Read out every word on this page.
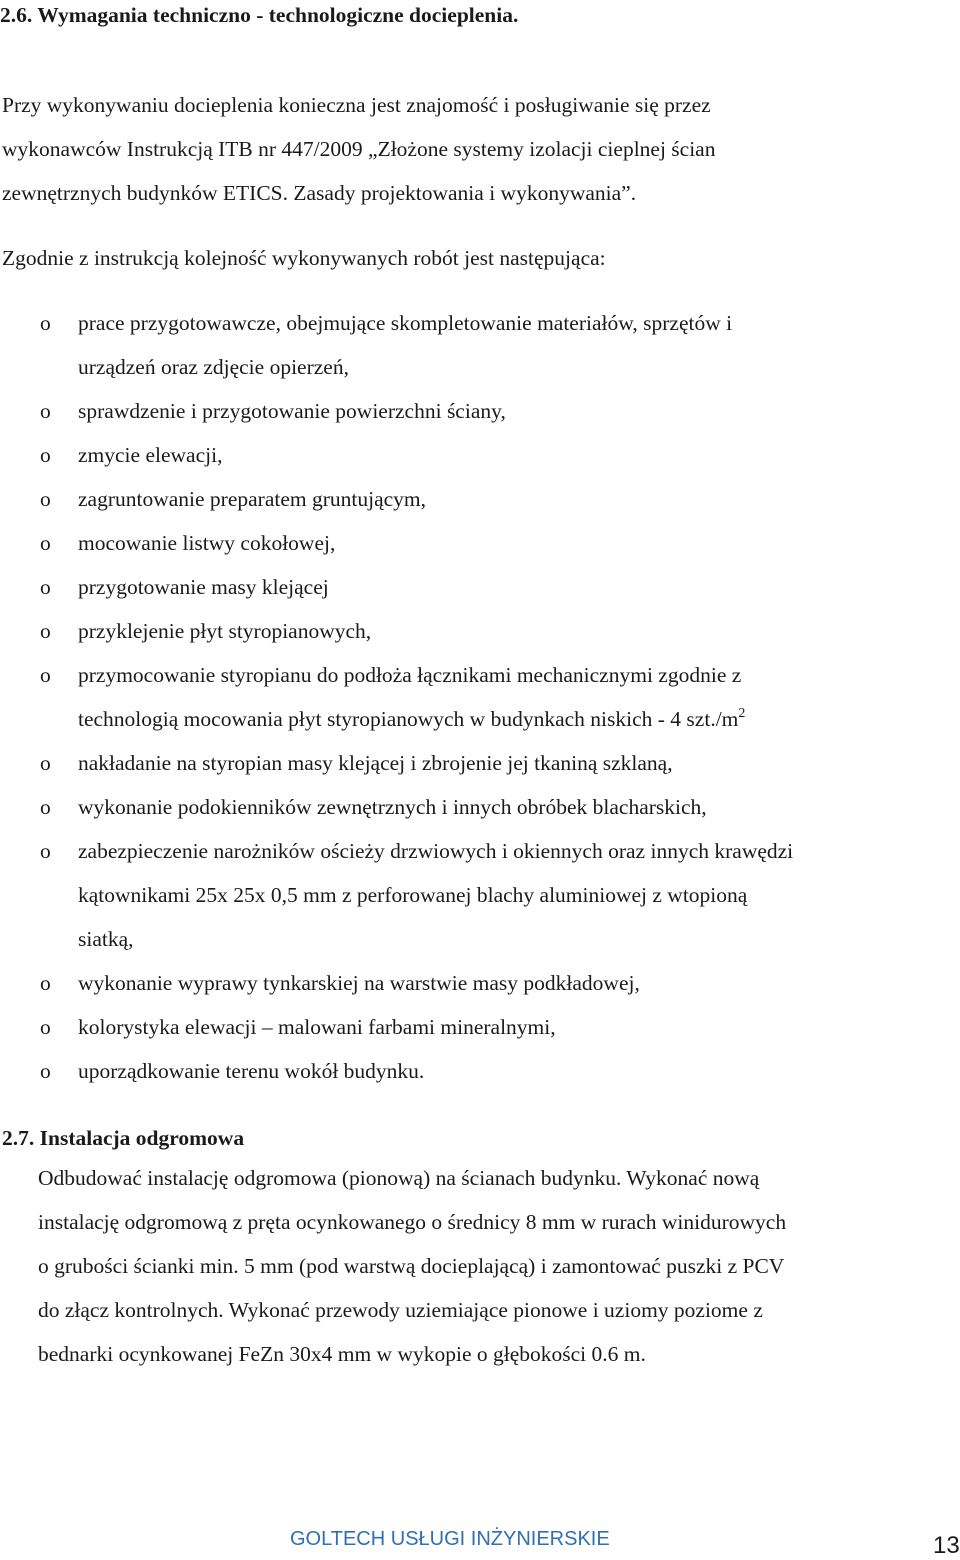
2.6. Wymagania techniczno - technologiczne docieplenia.
Przy wykonywaniu docieplenia konieczna jest znajomość i posługiwanie się przez
wykonawców Instrukcją ITB nr 447/2009 „Złożone systemy izolacji cieplnej ścian
zewnętrznych budynków ETICS. Zasady projektowania i wykonywania”.
Zgodnie z instrukcją kolejność wykonywanych robót jest następująca:
o prace przygotowawcze, obejmujące skompletowanie materiałów, sprzętów i
urządzeń oraz zdjęcie opierzeń,
o sprawdzenie i przygotowanie powierzchni ściany,
o zmycie elewacji,
o zagruntowanie preparatem gruntującym,
o mocowanie listwy cokołowej,
o przygotowanie masy klejącej
o przyklejenie płyt styropianowych,
o przymocowanie styropianu do podłoża łącznikami mechanicznymi zgodnie z
technologią mocowania płyt styropianowych w budynkach niskich - 4 $szt./m^2$
o nakładanie na styropian masy klejącej i zbrojenie jej tkaniną szklaną,
o wykonanie podokienników zewnętrznych i innych obróbek blacharskich,
o zabezpieczenie narożników ościeży drzwiowych i okiennych oraz innych krawędzi
kątownikami 25x 25x 0,5 mm z perforowanej blachy aluminiowej z wtopioną
siatką,
o wykonanie wyprawy tynkarskiej na warstwie masy podkładowej,
o kolorystyka elewacji – malowani farbami mineralnymi,
o uporządkowanie terenu wokół budynku.
2.7. Instalacja odgromowa
Odbudować instalację odgromowa (pionową) na ścianach budynku. Wykonać nową
instalację odgromową z pręta ocynkowanego o średnicy 8 mm w rurach winidurowych
o grubości ścianki min. 5 mm (pod warstwą docieplającą) i zamontować puszki z PCV
do złącz kontrolnych. Wykonać przewody uziemiające pionowe i uziomy poziome z
bednarki ocynkowanej FeZn 30x4 mm w wykopie o głębokości 0.6 m.
GOLTECH USŁUGI INŻYNIERSKIE	13
